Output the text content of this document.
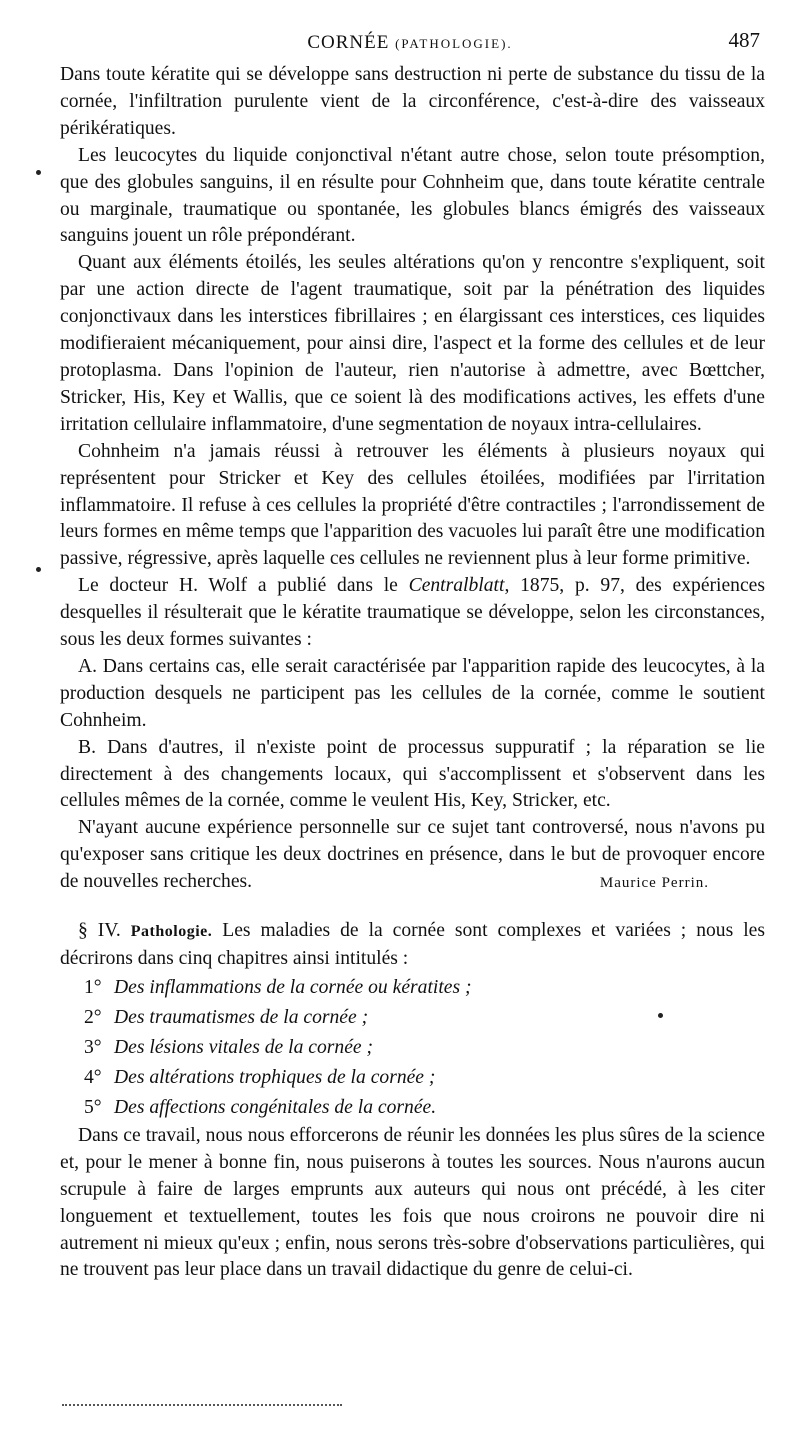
CORNÉE (PATHOLOGIE).	487

Dans toute kératite qui se développe sans destruction ni perte de substance du tissu de la cornée, l'infiltration purulente vient de la circonférence, c'est-à-dire des vaisseaux périkératiques.

Les leucocytes du liquide conjonctival n'étant autre chose, selon toute présomption, que des globules sanguins, il en résulte pour Cohnheim que, dans toute kératite centrale ou marginale, traumatique ou spontanée, les globules blancs émigrés des vaisseaux sanguins jouent un rôle prépondérant.

Quant aux éléments étoilés, les seules altérations qu'on y rencontre s'expliquent, soit par une action directe de l'agent traumatique, soit par la pénétration des liquides conjonctivaux dans les interstices fibrillaires ; en élargissant ces interstices, ces liquides modifieraient mécaniquement, pour ainsi dire, l'aspect et la forme des cellules et de leur protoplasma. Dans l'opinion de l'auteur, rien n'autorise à admettre, avec Bœttcher, Stricker, His, Key et Wallis, que ce soient là des modifications actives, les effets d'une irritation cellulaire inflammatoire, d'une segmentation de noyaux intra-cellulaires.

Cohnheim n'a jamais réussi à retrouver les éléments à plusieurs noyaux qui représentent pour Stricker et Key des cellules étoilées, modifiées par l'irritation inflammatoire. Il refuse à ces cellules la propriété d'être contractiles ; l'arrondissement de leurs formes en même temps que l'apparition des vacuoles lui paraît être une modification passive, régressive, après laquelle ces cellules ne reviennent plus à leur forme primitive.

Le docteur H. Wolf a publié dans le Centralblatt, 1875, p. 97, des expériences desquelles il résulterait que le kératite traumatique se développe, selon les circonstances, sous les deux formes suivantes :

A. Dans certains cas, elle serait caractérisée par l'apparition rapide des leucocytes, à la production desquels ne participent pas les cellules de la cornée, comme le soutient Cohnheim.

B. Dans d'autres, il n'existe point de processus suppuratif ; la réparation se lie directement à des changements locaux, qui s'accomplissent et s'observent dans les cellules mêmes de la cornée, comme le veulent His, Key, Stricker, etc.

N'ayant aucune expérience personnelle sur ce sujet tant controversé, nous n'avons pu qu'exposer sans critique les deux doctrines en présence, dans le but de provoquer encore de nouvelles recherches.	Maurice Perrin.

§ IV. Pathologie. Les maladies de la cornée sont complexes et variées ; nous les décrirons dans cinq chapitres ainsi intitulés :

1° Des inflammations de la cornée ou kératites ;
2° Des traumatismes de la cornée ;
3° Des lésions vitales de la cornée ;
4° Des altérations trophiques de la cornée ;
5° Des affections congénitales de la cornée.

Dans ce travail, nous nous efforcerons de réunir les données les plus sûres de la science et, pour le mener à bonne fin, nous puiserons à toutes les sources. Nous n'aurons aucun scrupule à faire de larges emprunts aux auteurs qui nous ont précédé, à les citer longuement et textuellement, toutes les fois que nous croirons ne pouvoir dire ni autrement ni mieux qu'eux ; enfin, nous serons très-sobre d'observations particulières, qui ne trouvent pas leur place dans un travail didactique du genre de celui-ci.
